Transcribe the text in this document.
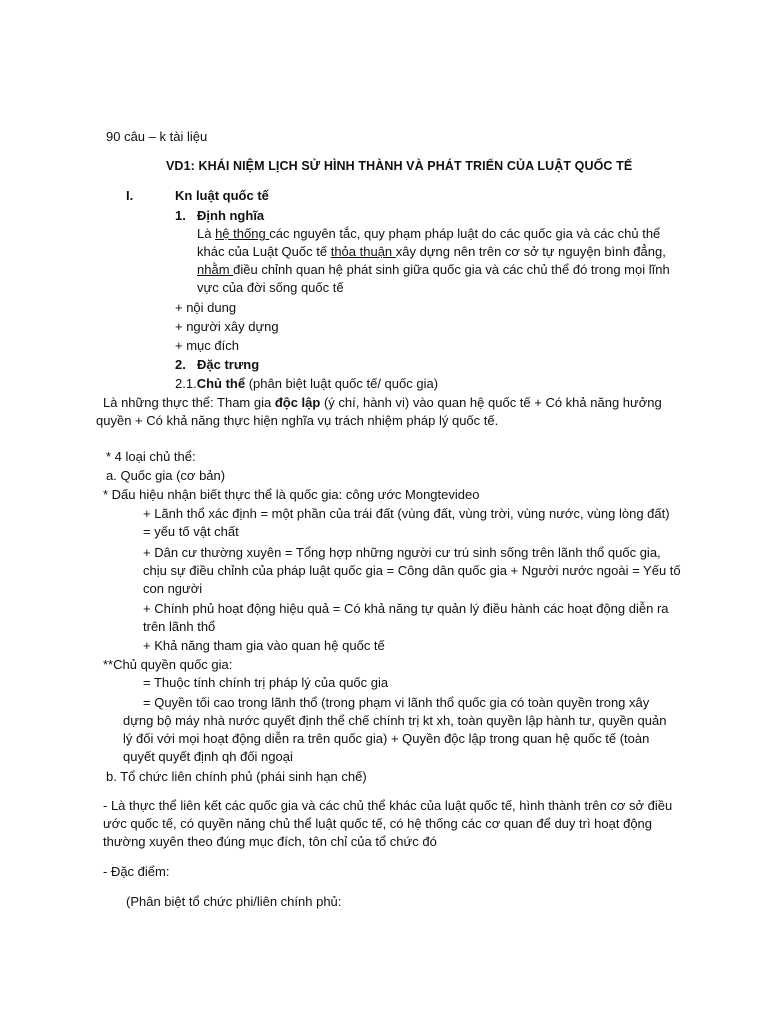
90 câu – k tài liệu
VD1: KHÁI NIỆM LỊCH SỬ HÌNH THÀNH VÀ PHÁT TRIỂN CỦA LUẬT QUỐC TẾ
I.	Kn luật quốc tế
1. Định nghĩa
Là hệ thống các nguyên tắc, quy phạm pháp luật do các quốc gia và các chủ thể
khác của Luật Quốc tế thỏa thuận xây dựng nên trên cơ sở tự nguyện bình đẳng,
nhằm điều chỉnh quan hệ phát sinh giữa quốc gia và các chủ thể đó trong mọi lĩnh
vực của đời sống quốc tế
+ nội dung
+ người xây dựng
+ mục đích
2. Đặc trưng
2.1.Chủ thể (phân biệt luật quốc tế/ quốc gia)
Là những thực thể: Tham gia độc lập (ý chí, hành vi) vào quan hệ quốc tế + Có khả năng hưởng
quyền + Có khả năng thực hiện nghĩa vụ trách nhiệm pháp lý quốc tế.
* 4 loại chủ thể:
a. Quốc gia (cơ bản)
* Dấu hiệu nhận biết thực thể là quốc gia: công ước Mongtevideo
+ Lãnh thổ xác định = một phần của trái đất (vùng đất, vùng trời, vùng nước, vùng lòng đất)
= yếu tố vật chất
+ Dân cư thường xuyên = Tổng hợp những người cư trú sinh sống trên lãnh thổ quốc gia,
chịu sự điều chỉnh của pháp luật quốc gia = Công dân quốc gia + Người nước ngoài = Yếu tố
con người
+ Chính phủ hoạt động hiệu quả = Có khả năng tự quản lý điều hành các hoạt động diễn ra
trên lãnh thổ
+ Khả năng tham gia vào quan hệ quốc tế
**Chủ quyền quốc gia:
= Thuộc tính chính trị pháp lý của quốc gia
= Quyền tối cao trong lãnh thổ (trong phạm vi lãnh thổ quốc gia có toàn quyền trong xây
dựng bộ máy nhà nước quyết định thể chế chính trị kt xh, toàn quyền lập hành tư, quyền quản
lý đối với mọi hoạt động diễn ra trên quốc gia) + Quyền độc lập trong quan hệ quốc tế (toàn
quyết quyết định qh đối ngoại
b. Tổ chức liên chính phủ (phái sinh hạn chế)
- Là thực thể liên kết các quốc gia và các chủ thể khác của luật quốc tế, hình thành trên cơ sở điều
ước quốc tế, có quyền năng chủ thể luật quốc tế, có hệ thống các cơ quan để duy trì hoạt động
thường xuyên theo đúng mục đích, tôn chỉ của tổ chức đó
- Đặc điểm:
(Phân biệt tổ chức phi/liên chính phủ:
